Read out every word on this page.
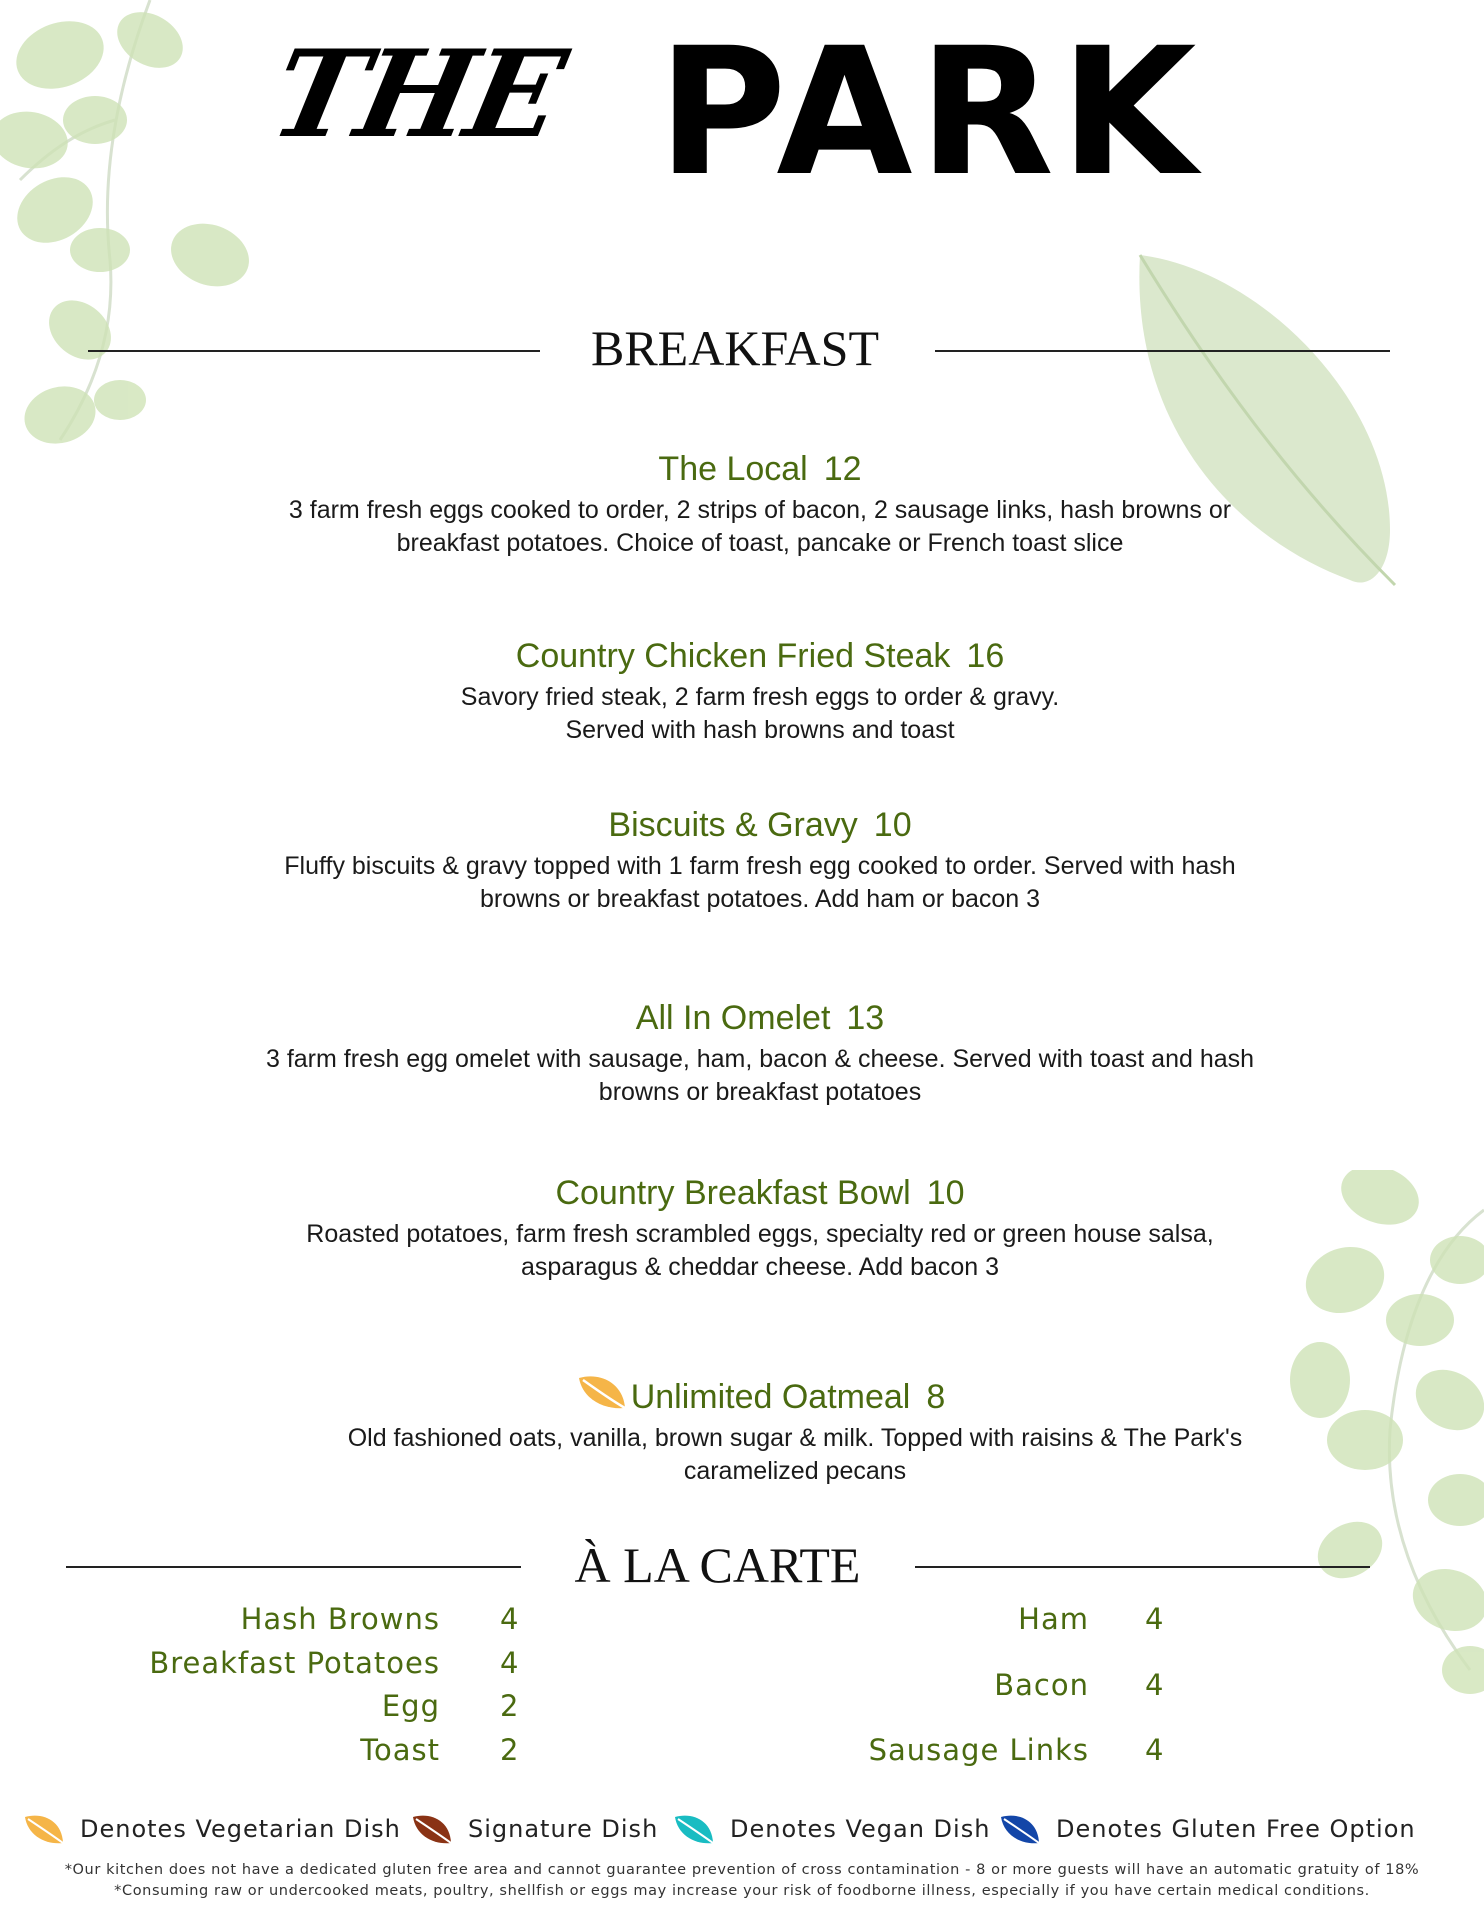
THE PARK
BREAKFAST

The Local 12

3 farm fresh eggs cooked to order, 2 strips of bacon, 2 sausage links, hash browns or
breakfast potatoes. Choice of toast, pancake or French toast slice

Country Chicken Fried Steak 16

Savory fried steak, 2 farm fresh eggs to order & gravy.
Served with hash browns and toast

Biscuits & Gravy 10

Fluffy biscuits & gravy topped with 1 farm fresh egg cooked to order. Served with hash
browns or breakfast potatoes. Add ham or bacon 3

All In Omelet 13

3 farm fresh egg omelet with sausage, ham, bacon & cheese. Served with toast and hash
browns or breakfast potatoes

Country Breakfast Bowl 10

Roasted potatoes, farm fresh scrambled eggs, specialty red or green house salsa,
asparagus & cheddar cheese. Add bacon 3

Unlimited Oatmeal 8

Old fashioned oats, vanilla, brown sugar & milk. Topped with raisins & The Park's
caramelized pecans

À LA CARTE
Hash Browns 4
Breakfast Potatoes 4
Egg 2
Toast 2
Ham 4
Bacon 4
Sausage Links 4
Denotes Vegetarian Dish	Signature Dish	Denotes Vegan Dish	Denotes Gluten Free Option
*Our kitchen does not have a dedicated gluten free area and cannot guarantee prevention of cross contamination - 8 or more guests will have an automatic gratuity of 18%
*Consuming raw or undercooked meats, poultry, shellfish or eggs may increase your risk of foodborne illness, especially if you have certain medical conditions.
